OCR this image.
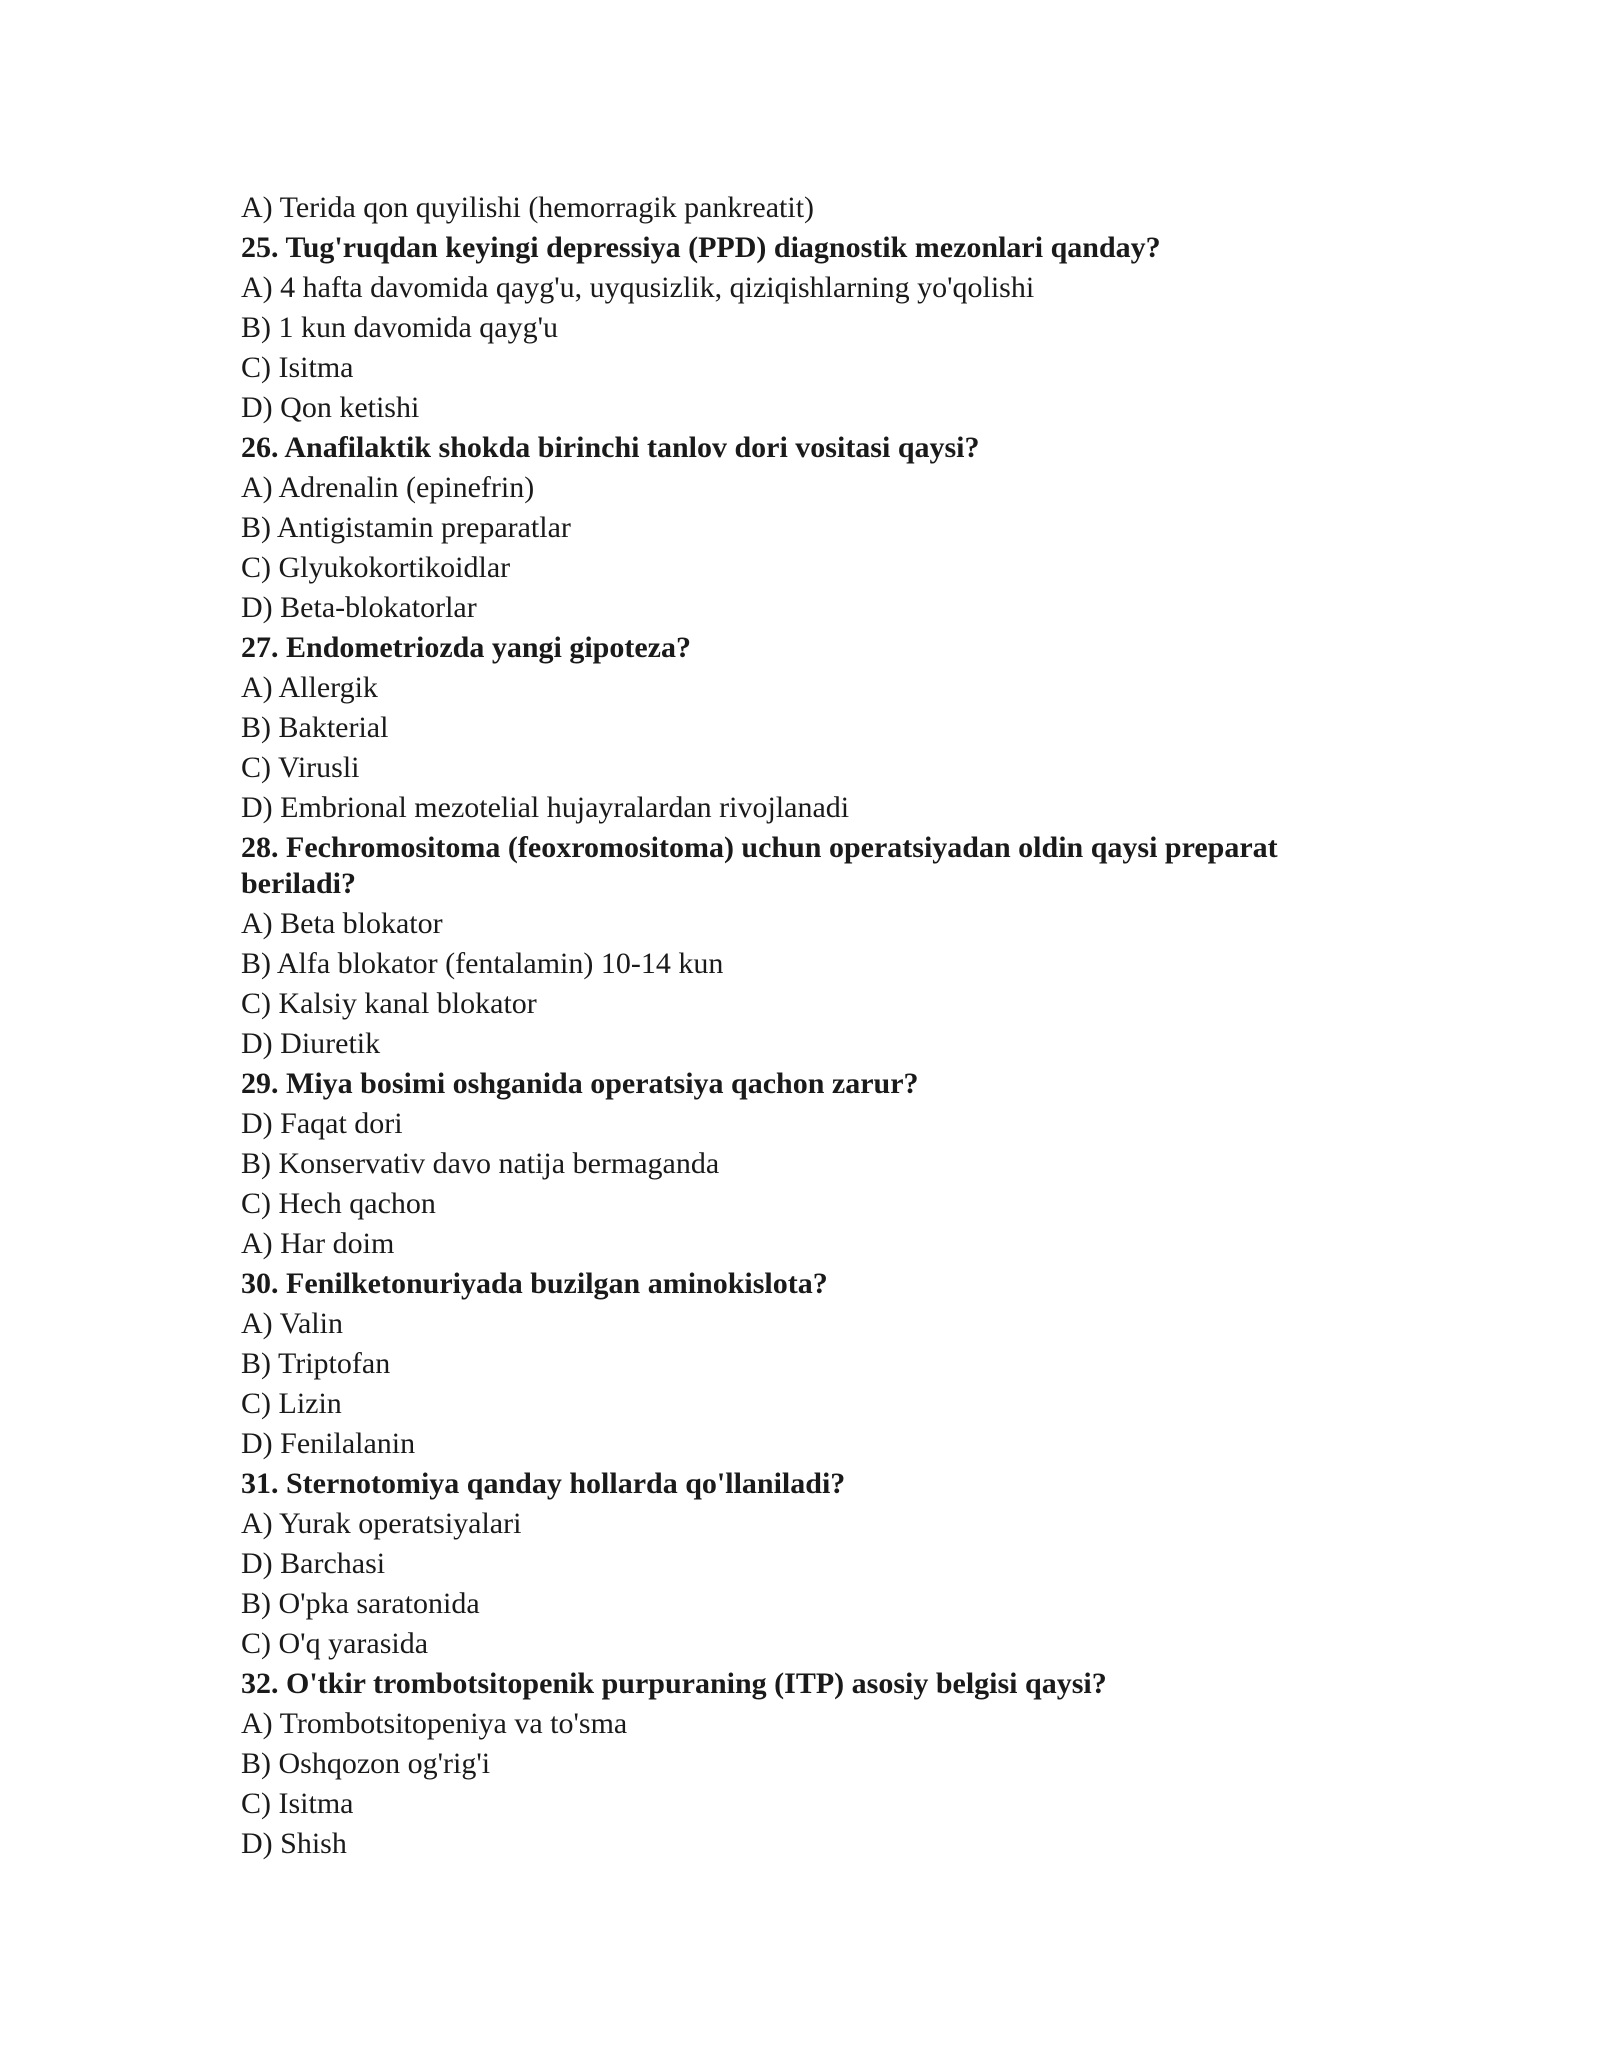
A) Terida qon quyilishi (hemorragik pankreatit)
25. Tug'ruqdan keyingi depressiya (PPD) diagnostik mezonlari qanday?
A) 4 hafta davomida qayg'u, uyqusizlik, qiziqishlarning yo'qolishi
B) 1 kun davomida qayg'u
C) Isitma
D) Qon ketishi
26. Anafilaktik shokda birinchi tanlov dori vositasi qaysi?
A) Adrenalin (epinefrin)
B) Antigistamin preparatlar
C) Glyukokortikoidlar
D) Beta-blokatorlar
27. Endometriozda yangi gipoteza?
A) Allergik
B) Bakterial
C) Virusli
D) Embrional mezotelial hujayralardan rivojlanadi
28. Fechromositoma (feoxromositoma) uchun operatsiyadan oldin qaysi preparat beriladi?
A) Beta blokator
B) Alfa blokator (fentalamin) 10-14 kun
C) Kalsiy kanal blokator
D) Diuretik
29. Miya bosimi oshganida operatsiya qachon zarur?
D) Faqat dori
B) Konservativ davo natija bermaganda
C) Hech qachon
A) Har doim
30. Fenilketonuriyada buzilgan aminokislota?
A) Valin
B) Triptofan
C) Lizin
D) Fenilalanin
31. Sternotomiya qanday hollarda qo'llaniladi?
A) Yurak operatsiyalari
D) Barchasi
B) O'pka saratonida
C) O'q yarasida
32. O'tkir trombotsitopenik purpuraning (ITP) asosiy belgisi qaysi?
A) Trombotsitopeniya va to'sma
B) Oshqozon og'rig'i
C) Isitma
D) Shish
